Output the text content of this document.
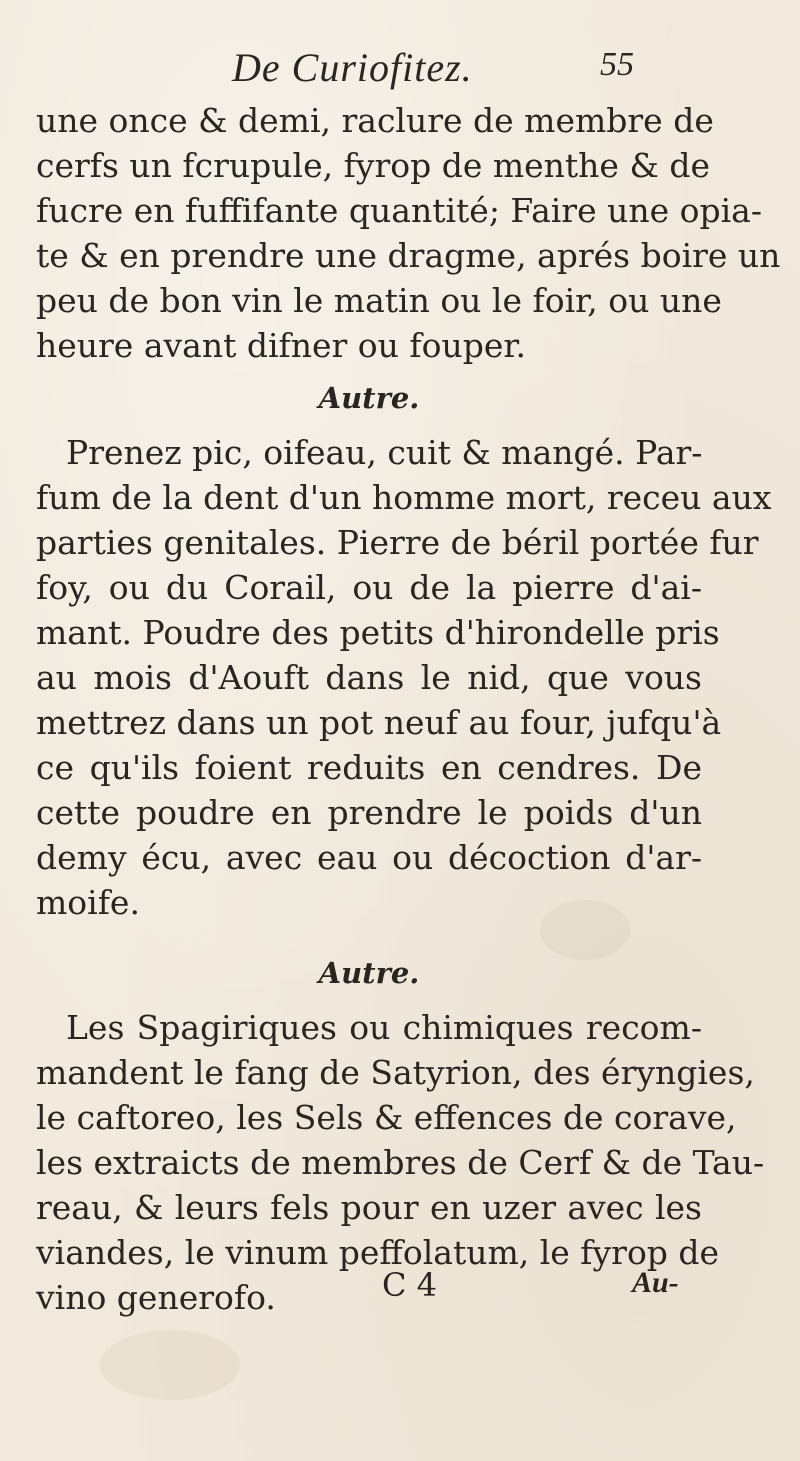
De Curiofitez.	55
une once & demi, raclure de membre de
cerfs un fcrupule, fyrop de menthe & de
fucre en fuffifante quantité; Faire une opia-
te & en prendre une dragme, aprés boire un
peu de bon vin le matin ou le foir, ou une
heure avant difner ou fouper.
Autre.
Prenez pic, oifeau, cuit & mangé. Par-
fum de la dent d'un homme mort, receu aux
parties genitales. Pierre de béril portée fur
foy, ou du Corail, ou de la pierre d'ai-
mant. Poudre des petits d'hirondelle pris
au mois d'Aouft dans le nid, que vous
mettrez dans un pot neuf au four, jufqu'à
ce qu'ils foient reduits en cendres. De
cette poudre en prendre le poids d'un
demy écu, avec eau ou décoction d'ar-
moife.
Autre.
Les Spagiriques ou chimiques recom-
mandent le fang de Satyrion, des éryngies,
le caftoreo, les Sels & effences de corave,
les extraicts de membres de Cerf & de Tau-
reau, & leurs fels pour en uzer avec les
viandes, le vinum peffolatum, le fyrop de
vino generofo.	C 4	Au-
